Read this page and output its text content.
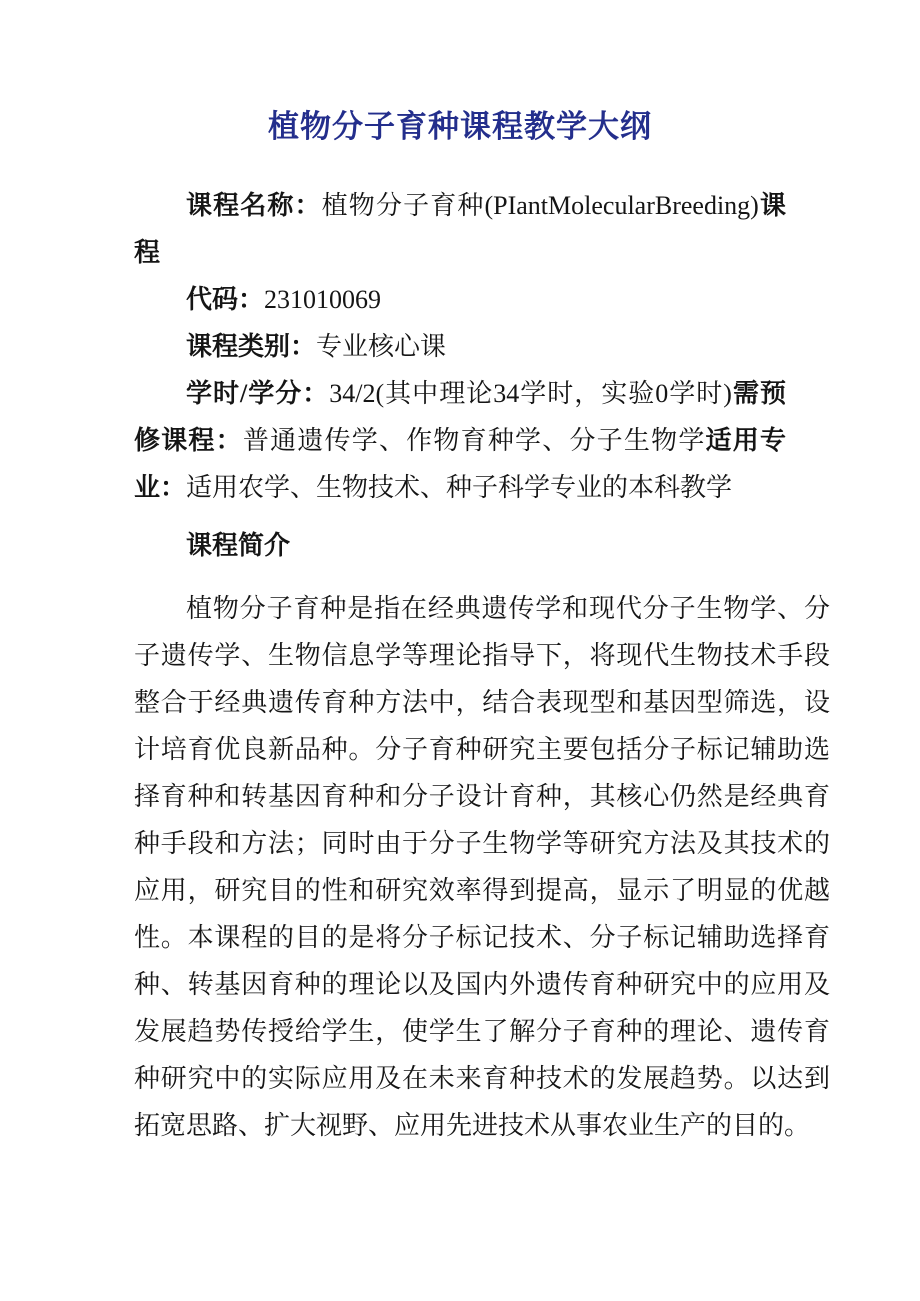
植物分子育种课程教学大纲

课程名称：植物分子育种(PIantMolecularBreeding)课程

代码：231010069

课程类别：专业核心课

学时/学分：34/2(其中理论34学时，实验0学时)需预修课程：普通遗传学、作物育种学、分子生物学适用专业：适用农学、生物技术、种子科学专业的本科教学

课程简介

植物分子育种是指在经典遗传学和现代分子生物学、分子遗传学、生物信息学等理论指导下，将现代生物技术手段整合于经典遗传育种方法中，结合表现型和基因型筛选，设计培育优良新品种。分子育种研究主要包括分子标记辅助选择育种和转基因育种和分子设计育种，其核心仍然是经典育种手段和方法；同时由于分子生物学等研究方法及其技术的应用，研究目的性和研究效率得到提高，显示了明显的优越性。本课程的目的是将分子标记技术、分子标记辅助选择育种、转基因育种的理论以及国内外遗传育种研究中的应用及发展趋势传授给学生，使学生了解分子育种的理论、遗传育种研究中的实际应用及在未来育种技术的发展趋势。以达到拓宽思路、扩大视野、应用先进技术从事农业生产的目的。
